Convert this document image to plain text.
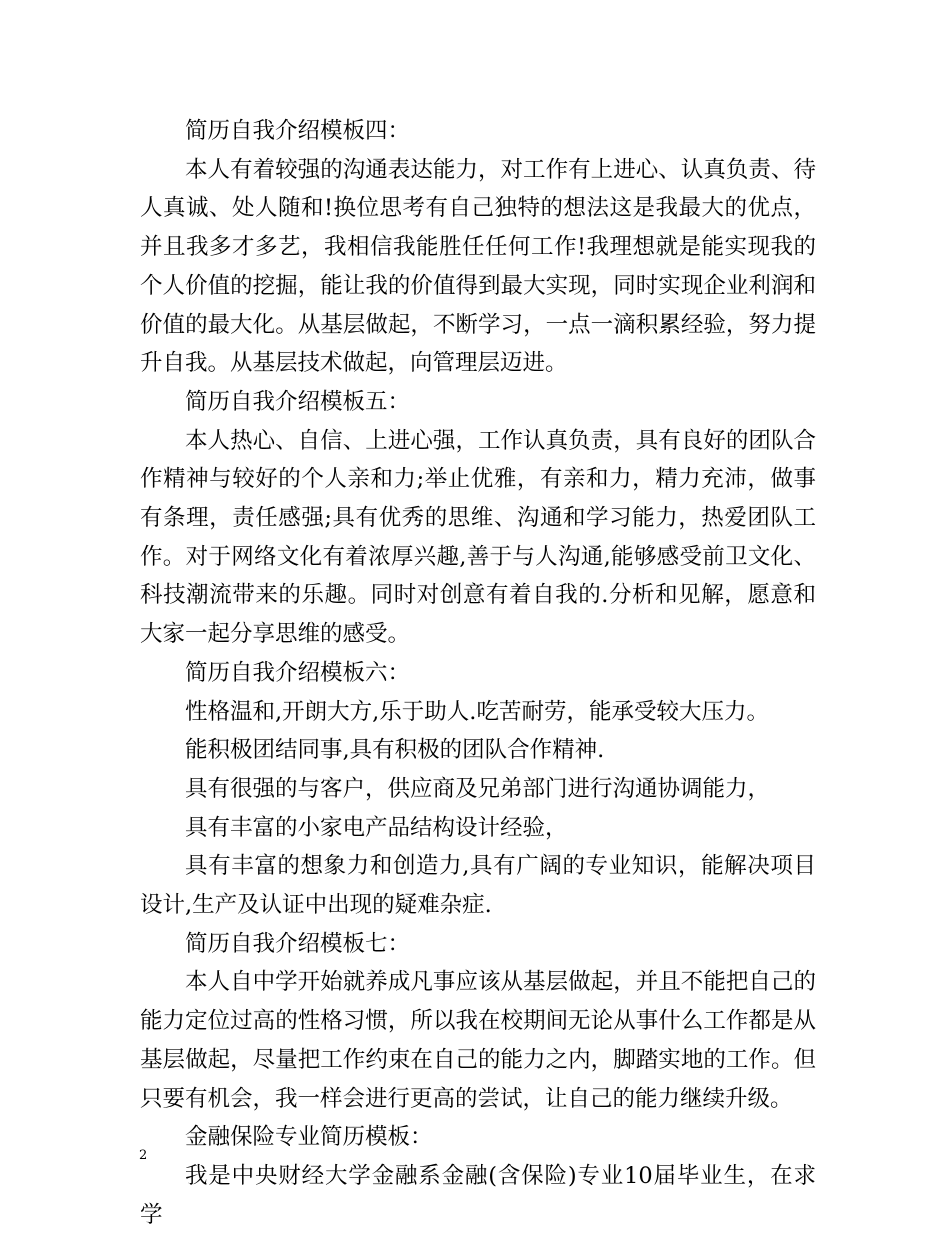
简历自我介绍模板四：

本人有着较强的沟通表达能力，对工作有上进心、认真负责、待人真诚、处人随和!换位思考有自己独特的想法这是我最大的优点，并且我多才多艺，我相信我能胜任任何工作!我理想就是能实现我的个人价值的挖掘，能让我的价值得到最大实现，同时实现企业利润和价值的最大化。从基层做起，不断学习，一点一滴积累经验，努力提升自我。从基层技术做起，向管理层迈进。

简历自我介绍模板五：

本人热心、自信、上进心强，工作认真负责，具有良好的团队合作精神与较好的个人亲和力;举止优雅，有亲和力，精力充沛，做事有条理，责任感强;具有优秀的思维、沟通和学习能力，热爱团队工作。对于网络文化有着浓厚兴趣,善于与人沟通,能够感受前卫文化、科技潮流带来的乐趣。同时对创意有着自我的.分析和见解，愿意和大家一起分享思维的感受。

简历自我介绍模板六：

性格温和,开朗大方,乐于助人.吃苦耐劳，能承受较大压力。

能积极团结同事,具有积极的团队合作精神.

具有很强的与客户，供应商及兄弟部门进行沟通协调能力，

具有丰富的小家电产品结构设计经验，

具有丰富的想象力和创造力,具有广阔的专业知识，能解决项目设计,生产及认证中出现的疑难杂症.

简历自我介绍模板七：

本人自中学开始就养成凡事应该从基层做起，并且不能把自己的能力定位过高的性格习惯，所以我在校期间无论从事什么工作都是从基层做起，尽量把工作约束在自己的能力之内，脚踏实地的工作。但只要有机会，我一样会进行更高的尝试，让自己的能力继续升级。

金融保险专业简历模板：

我是中央财经大学金融系金融(含保险)专业10届毕业生，在求学

2
